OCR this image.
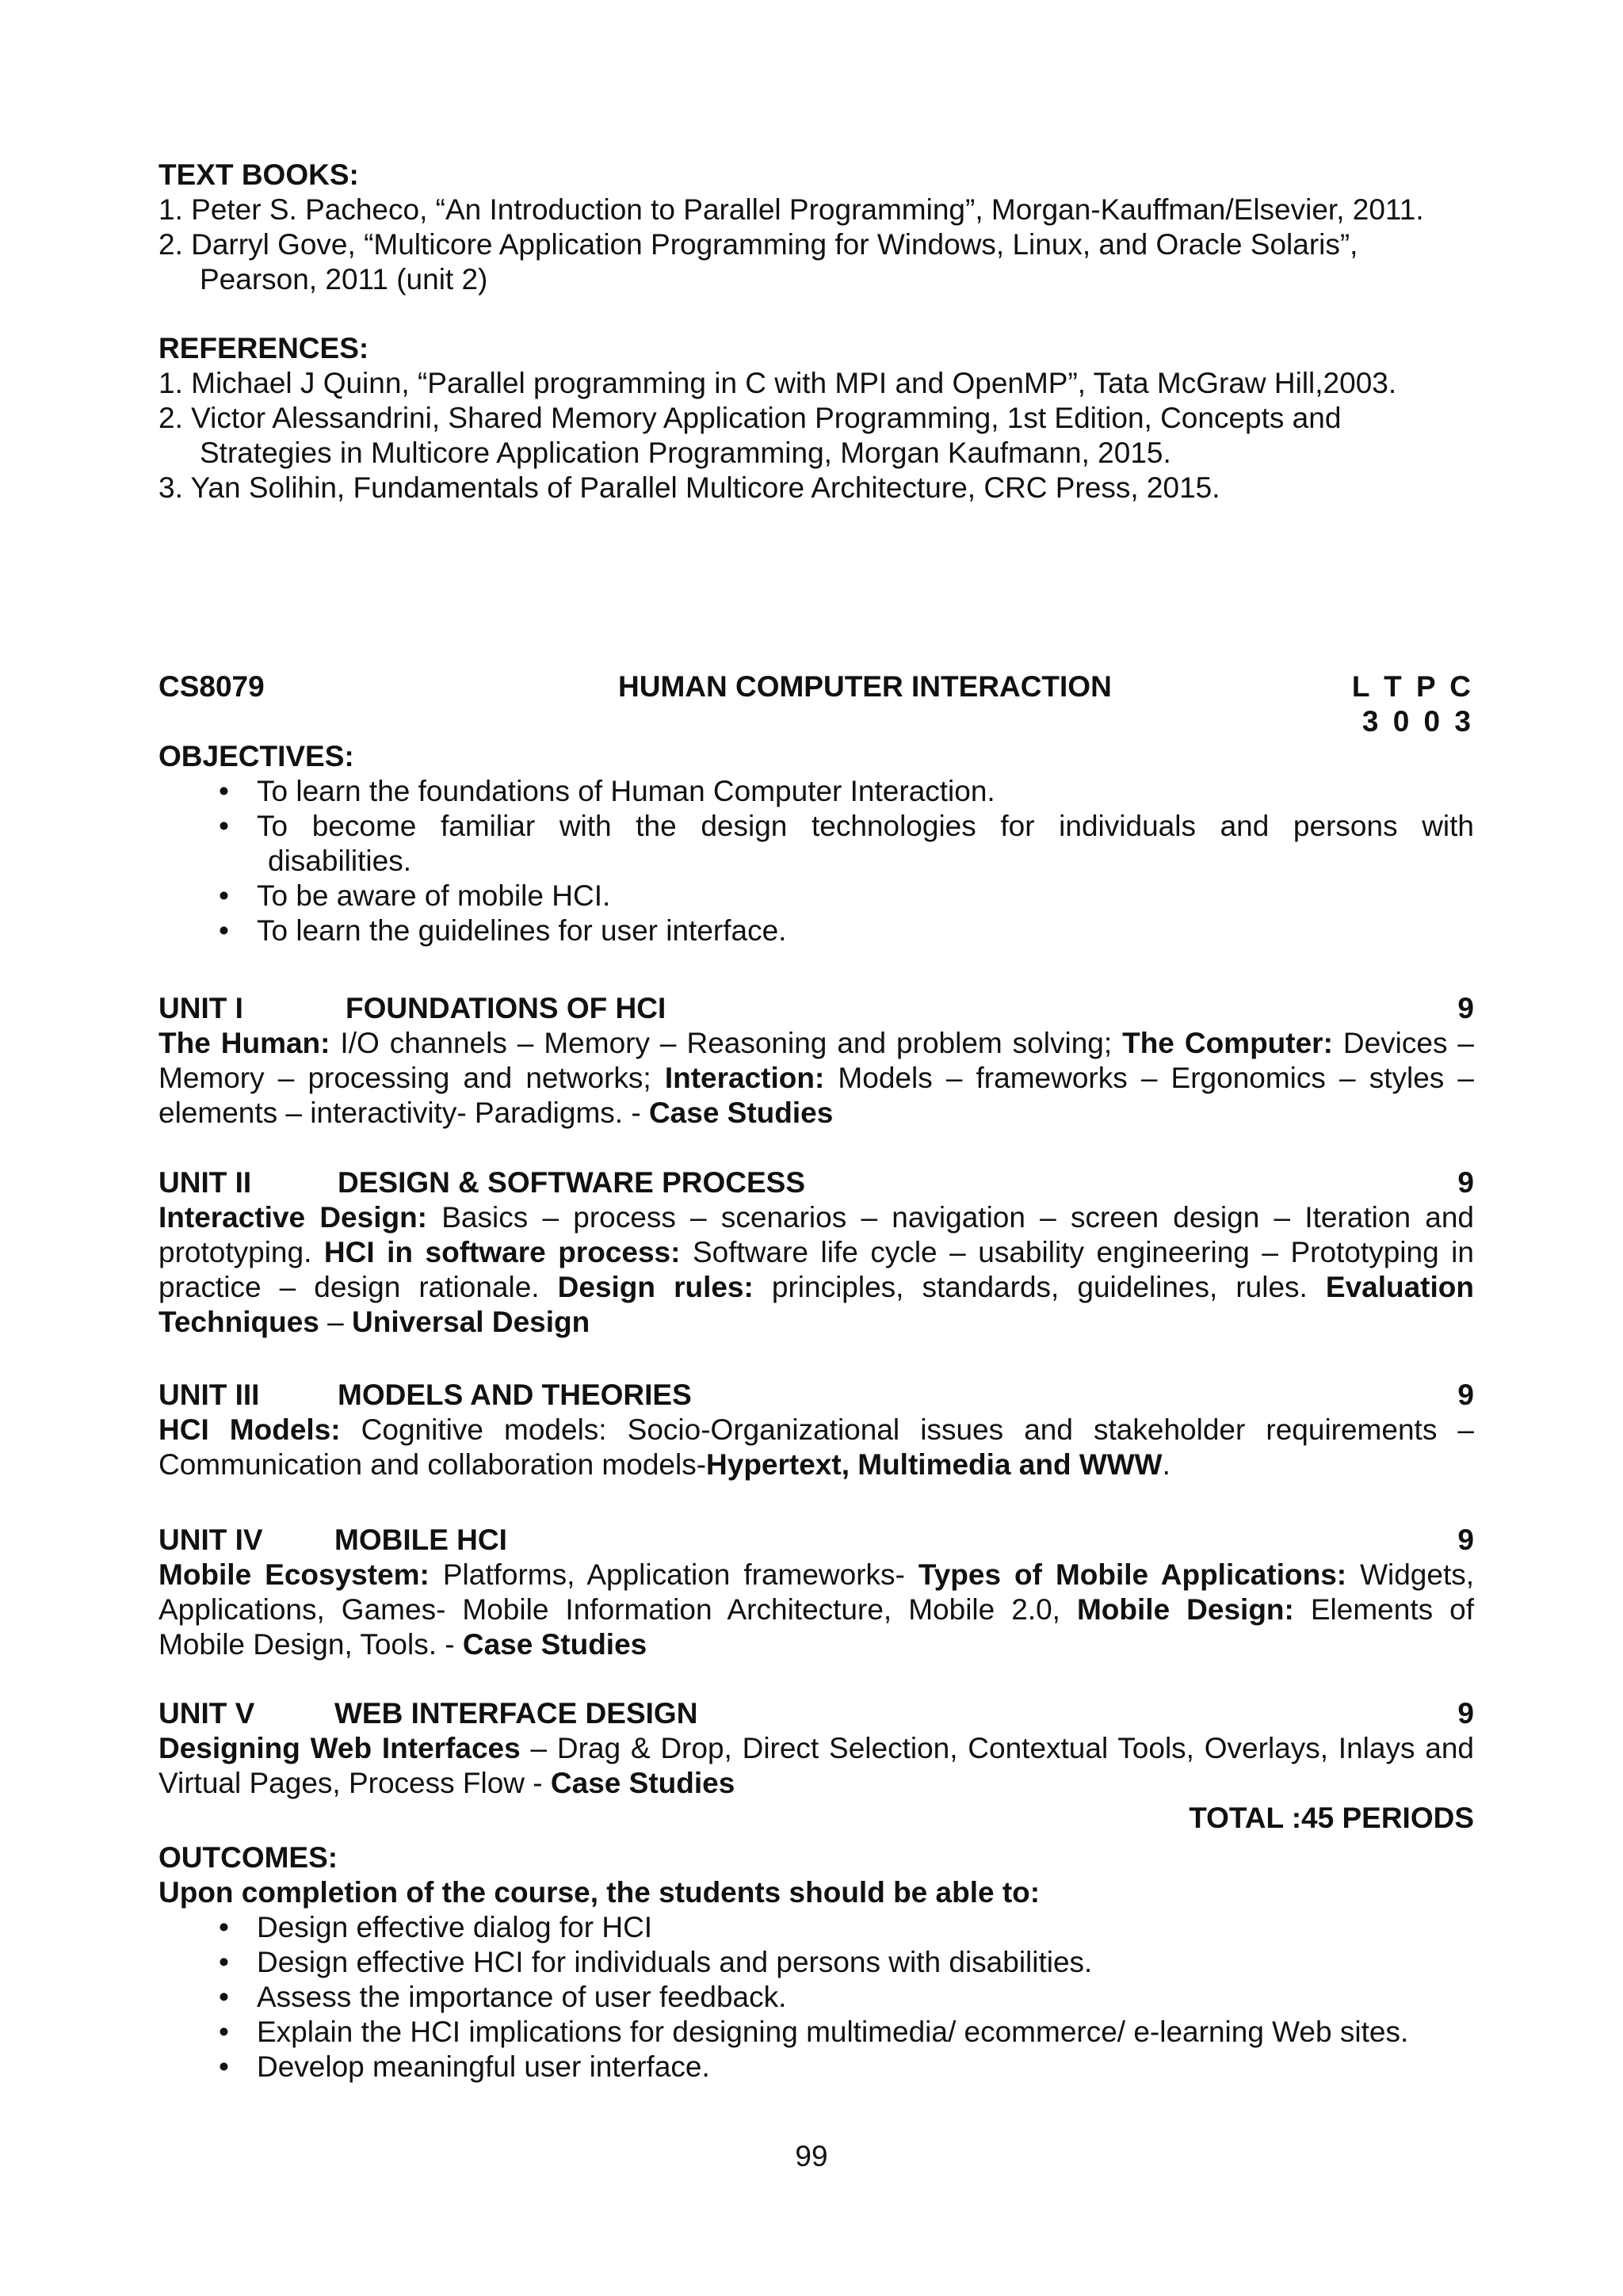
TEXT BOOKS:
1. Peter S. Pacheco, “An Introduction to Parallel Programming”, Morgan-Kauffman/Elsevier, 2011.
2. Darryl Gove, “Multicore Application Programming for Windows, Linux, and Oracle Solaris”,
Pearson, 2011 (unit 2)
REFERENCES:
1. Michael J Quinn, “Parallel programming in C with MPI and OpenMP”, Tata McGraw Hill,2003.
2. Victor Alessandrini, Shared Memory Application Programming, 1st Edition, Concepts and
Strategies in Multicore Application Programming, Morgan Kaufmann, 2015.
3. Yan Solihin, Fundamentals of Parallel Multicore Architecture, CRC Press, 2015.
CS8079	HUMAN COMPUTER INTERACTION	L T P C
3 0 0 3
OBJECTIVES:
• To learn the foundations of Human Computer Interaction.
• To become familiar with the design technologies for individuals and persons with
disabilities.
• To be aware of mobile HCI.
• To learn the guidelines for user interface.
UNIT I	FOUNDATIONS OF HCI	9
The Human: I/O channels – Memory – Reasoning and problem solving; The Computer: Devices – Memory – processing and networks; Interaction: Models – frameworks – Ergonomics – styles – elements – interactivity- Paradigms. - Case Studies
UNIT II	DESIGN & SOFTWARE PROCESS	9
Interactive Design: Basics – process – scenarios – navigation – screen design – Iteration and prototyping. HCI in software process: Software life cycle – usability engineering – Prototyping in practice – design rationale. Design rules: principles, standards, guidelines, rules. Evaluation Techniques – Universal Design
UNIT III	MODELS AND THEORIES	9
HCI Models: Cognitive models: Socio-Organizational issues and stakeholder requirements – Communication and collaboration models-Hypertext, Multimedia and WWW.
UNIT IV MOBILE HCI	9
Mobile Ecosystem: Platforms, Application frameworks- Types of Mobile Applications: Widgets, Applications, Games- Mobile Information Architecture, Mobile 2.0, Mobile Design: Elements of Mobile Design, Tools. - Case Studies
UNIT V	WEB INTERFACE DESIGN	9
Designing Web Interfaces – Drag & Drop, Direct Selection, Contextual Tools, Overlays, Inlays and Virtual Pages, Process Flow - Case Studies
TOTAL :45 PERIODS
OUTCOMES:
Upon completion of the course, the students should be able to:
• Design effective dialog for HCI
• Design effective HCI for individuals and persons with disabilities.
• Assess the importance of user feedback.
• Explain the HCI implications for designing multimedia/ ecommerce/ e-learning Web sites.
• Develop meaningful user interface.
99
